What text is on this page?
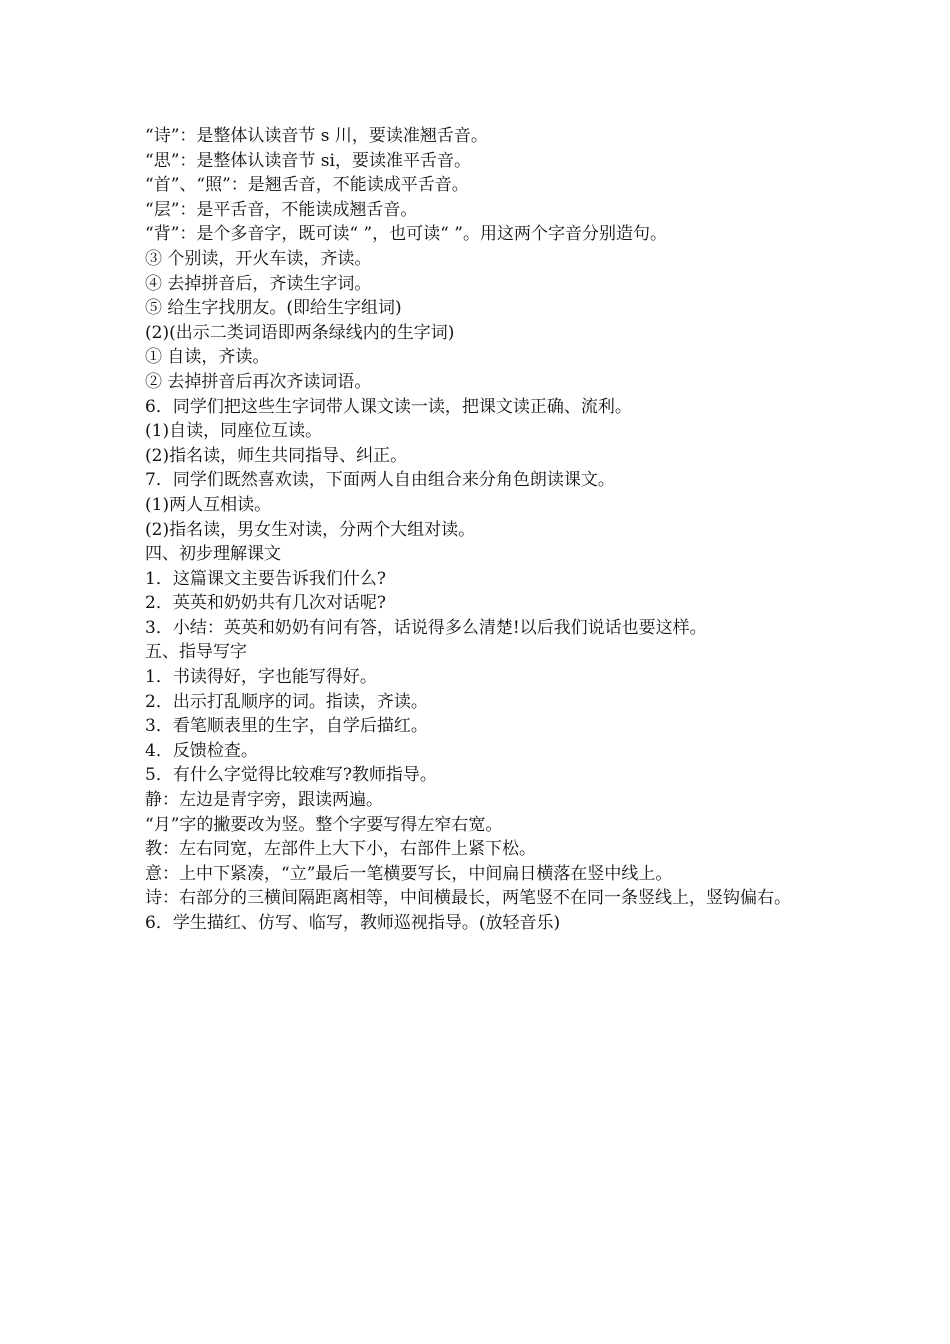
“诗”：是整体认读音节 s 川，要读准翘舌音。

“思”：是整体认读音节 si，要读准平舌音。

“首”、“照”：是翘舌音，不能读成平舌音。

“层”：是平舌音，不能读成翘舌音。

“背”：是个多音字，既可读“ ”，也可读“ ”。用这两个字音分别造句。

③ 个别读，开火车读，齐读。

④ 去掉拼音后，齐读生字词。

⑤ 给生字找朋友。(即给生字组词)

(2)(出示二类词语即两条绿线内的生字词)

① 自读，齐读。

② 去掉拼音后再次齐读词语。

6．同学们把这些生字词带人课文读一读，把课文读正确、流利。

(1)自读，同座位互读。

(2)指名读，师生共同指导、纠正。

7．同学们既然喜欢读，下面两人自由组合来分角色朗读课文。

(1)两人互相读。

(2)指名读，男女生对读，分两个大组对读。

四、初步理解课文

1．这篇课文主要告诉我们什么?

2．英英和奶奶共有几次对话呢?

3．小结：英英和奶奶有问有答，话说得多么清楚!以后我们说话也要这样。

五、指导写字

1．书读得好，字也能写得好。

2．出示打乱顺序的词。指读，齐读。

3．看笔顺表里的生字，自学后描红。

4．反馈检查。

5．有什么字觉得比较难写?教师指导。

静：左边是青字旁，跟读两遍。

“月”字的撇要改为竖。整个字要写得左窄右宽。

教：左右同宽，左部件上大下小，右部件上紧下松。

意：上中下紧凑，“立”最后一笔横要写长，中间扁日横落在竖中线上。

诗：右部分的三横间隔距离相等，中间横最长，两笔竖不在同一条竖线上，竖钩偏右。

6．学生描红、仿写、临写，教师巡视指导。(放轻音乐)
